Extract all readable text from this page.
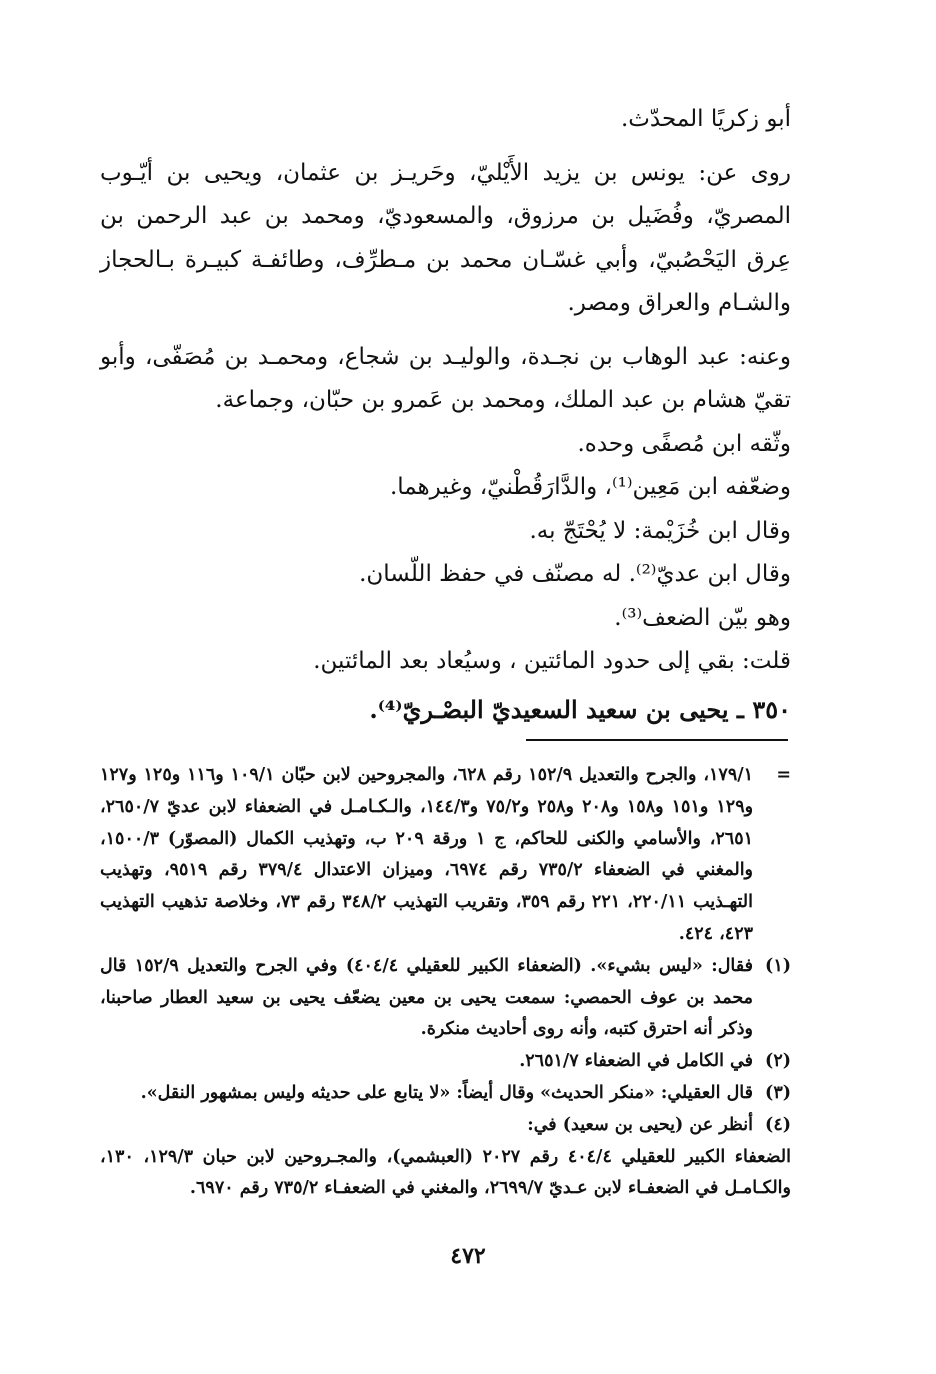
أبو زكريًا المحدّث.

روى عن: يونس بن يزيد الأَيْليّ، وحَريـز بن عثمان، ويحيى بن أيّـوب المصريّ، وفُضَيل بن مرزوق، والمسعوديّ، ومحمد بن عبد الرحمن بن عِرق اليَحْصُبيّ، وأبي غسّـان محمد بن مـطرِّف، وطائفـة كبيـرة بـالحجاز والشـام والعراق ومصر.

وعنه: عبد الوهاب بن نجـدة، والوليـد بن شجاع، ومحمـد بن مُصَفّى، وأبو تقيّ هشام بن عبد الملك، ومحمد بن عَمرو بن حبّان، وجماعة.

وثّقه ابن مُصفًى وحده.

وضعّفه ابن مَعِين⁽¹⁾، والدَّارَقُطْنيّ، وغيرهما.

وقال ابن خُزَيْمة: لا يُحْتَجّ به.

وقال ابن عديّ⁽²⁾. له مصنّف في حفظ اللّسان.

وهو بيّن الضعف⁽³⁾.

قلت: بقي إلى حدود المائتين ، وسيُعاد بعد المائتين.

٣٥٠ ـ يحيى بن سعيد السعيديّ البصْـريّ⁽⁴⁾.

=
١٧٩/١، والجرح والتعديل ١٥٢/٩ رقم ٦٢٨، والمجروحين لابن حبّان ١٠٩/١ و١١٦ و١٢٥ و١٢٧ و١٢٩ و١٥١ و١٥٨ و٢٠٨ و٢٥٨ و٧٥/٢ و١٤٤/٣، والـكـامـل في الضعفاء لابن عديّ ٢٦٥٠/٧، ٢٦٥١، والأسامي والكنى للحاكم، ج ١ ورقة ٢٠٩ ب، وتهذيب الكمال (المصوّر) ١٥٠٠/٣، والمغني في الضعفاء ٧٣٥/٢ رقم ٦٩٧٤، وميزان الاعتدال ٣٧٩/٤ رقم ٩٥١٩، وتهذيب التهـذيب ٢٢٠/١١، ٢٢١ رقم ٣٥٩، وتقريب التهذيب ٣٤٨/٢ رقم ٧٣، وخلاصة تذهيب التهذيب ٤٢٣، ٤٢٤.
(١)
فقال: «ليس بشيء». (الضعفاء الكبير للعقيلي ٤٠٤/٤) وفي الجرح والتعديل ١٥٢/٩ قال محمد بن عوف الحمصي: سمعت يحيى بن معين يضعّف يحيى بن سعيد العطار صاحبنا، وذكر أنه احترق كتبه، وأنه روى أحاديث منكرة.
(٢)
في الكامل في الضعفاء ٢٦٥١/٧.
(٣)
قال العقيلي: «منكر الحديث» وقال أيضاً: «لا يتابع على حديثه وليس بمشهور النقل».
(٤)
أنظر عن (يحيى بن سعيد) في:
الضعفاء الكبير للعقيلي ٤٠٤/٤ رقم ٢٠٢٧ (العبشمي)، والمجـروحين لابن حبان ١٢٩/٣، ١٣٠، والكـامـل في الضعفـاء لابن عـديّ ٢٦٩٩/٧، والمغني في الضعفـاء ٧٣٥/٢ رقم ٦٩٧٠.
٤٧٢
